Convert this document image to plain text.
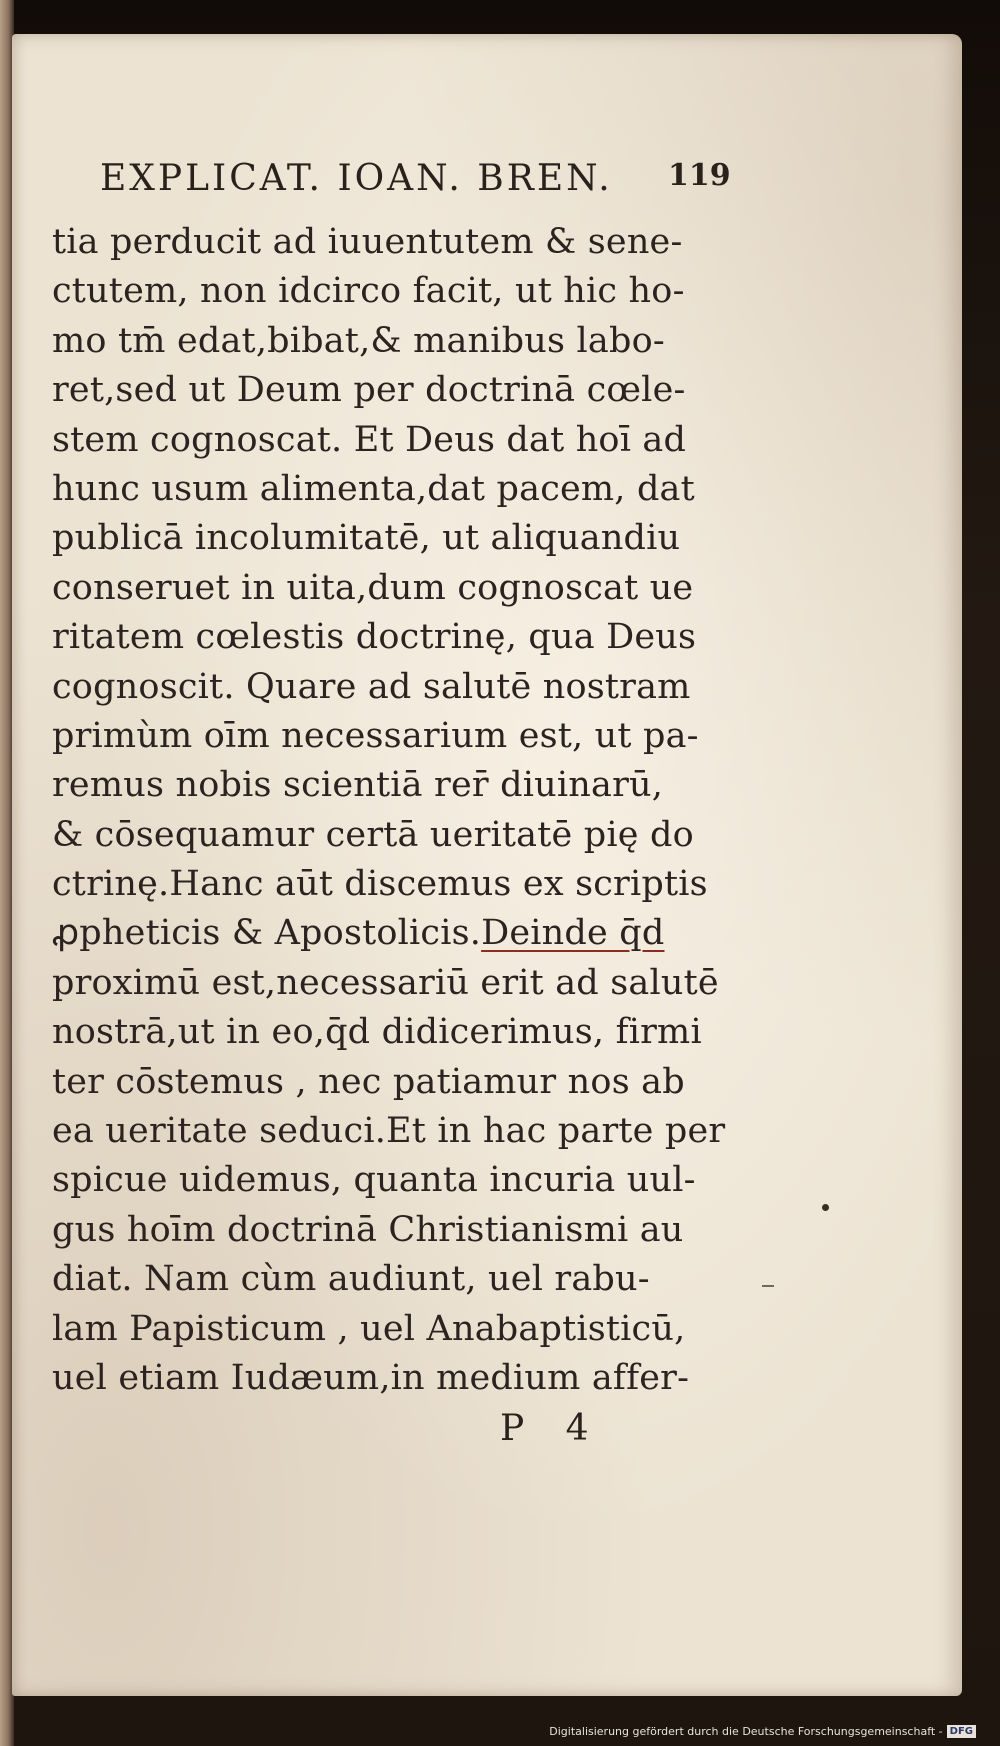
EXPLICAT. IOAN. BREN. 119
tia perducit ad iuuentutem & sene-
ctutem, non idcirco facit, ut hic ho-
mo tm̄ edat,bibat,& manibus labo-
ret,sed ut Deum per doctrinā cœle-
stem cognoscat. Et Deus dat hoī ad
hunc usum alimenta,dat pacem, dat
publicā incolumitatē, ut aliquandiu
conseruet in uita,dum cognoscat ue
ritatem cœlestis doctrinę, qua Deus
cognoscit. Quare ad salutē nostram
primùm oīm necessarium est, ut pa-
remus nobis scientiā rer̄ diuinarū,
& cōsequamur certā ueritatē pię do
ctrinę.Hanc aūt discemus ex scriptis
ꝓpheticis & Apostolicis.Deinde q̄d
proximū est,necessariū erit ad salutē
nostrā,ut in eo,q̄d didicerimus, firmi
ter cōstemus , nec patiamur nos ab
ea ueritate seduci.Et in hac parte per
spicue uidemus, quanta incuria uul-
gus hoīm doctrinā Christianismi au
diat. Nam cùm audiunt, uel rabu-
lam Papisticum , uel Anabaptisticū,
uel etiam Iudæum,in medium affer-
P 4
Digitalisierung gefördert durch die Deutsche Forschungsgemeinschaft - DFG
